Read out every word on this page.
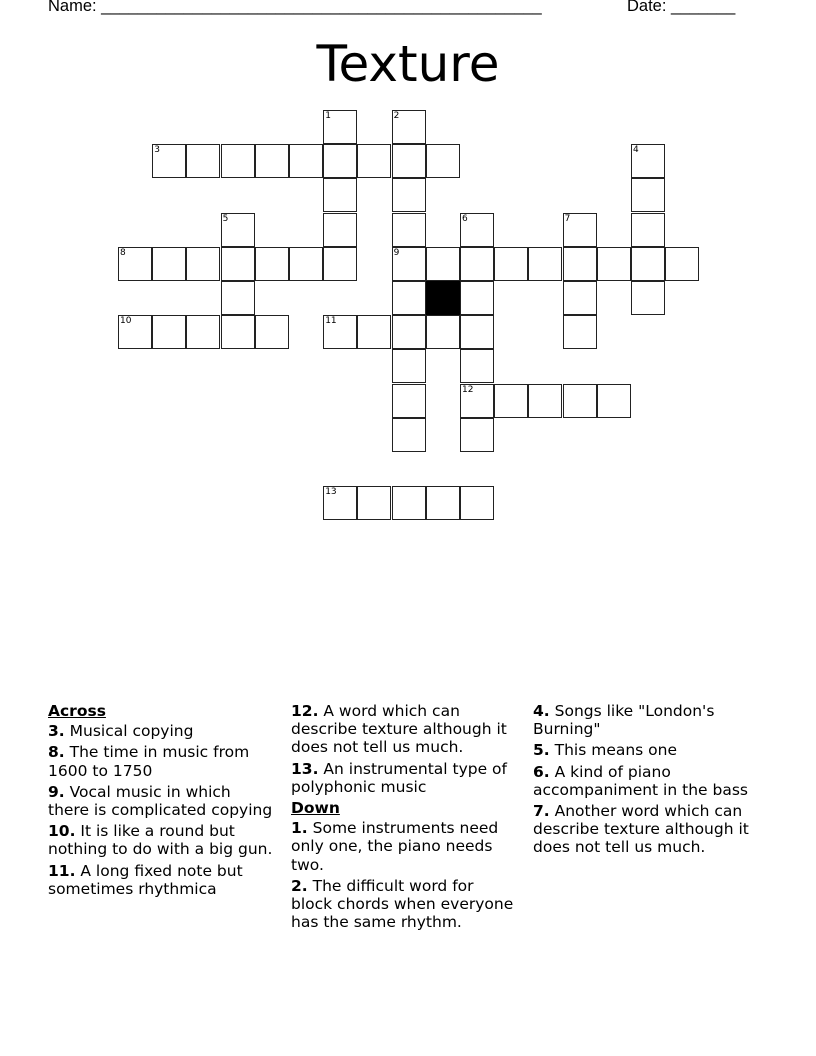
Name: ________________________________________________	Date: _______
Texture
1	2
3	4
5	6	7
8	9
10	11
12
13
Across
3. Musical copying
8. The time in music from 1600 to 1750
9. Vocal music in which there is complicated copying
10. It is like a round but nothing to do with a big gun.
11. A long fixed note but sometimes rhythmica
12. A word which can describe texture although it does not tell us much.
13. An instrumental type of polyphonic music
Down
1. Some instruments need only one, the piano needs two.
2. The difficult word for block chords when everyone has the same rhythm.
4. Songs like "London's Burning"
5. This means one
6. A kind of piano accompaniment in the bass
7. Another word which can describe texture although it does not tell us much.
